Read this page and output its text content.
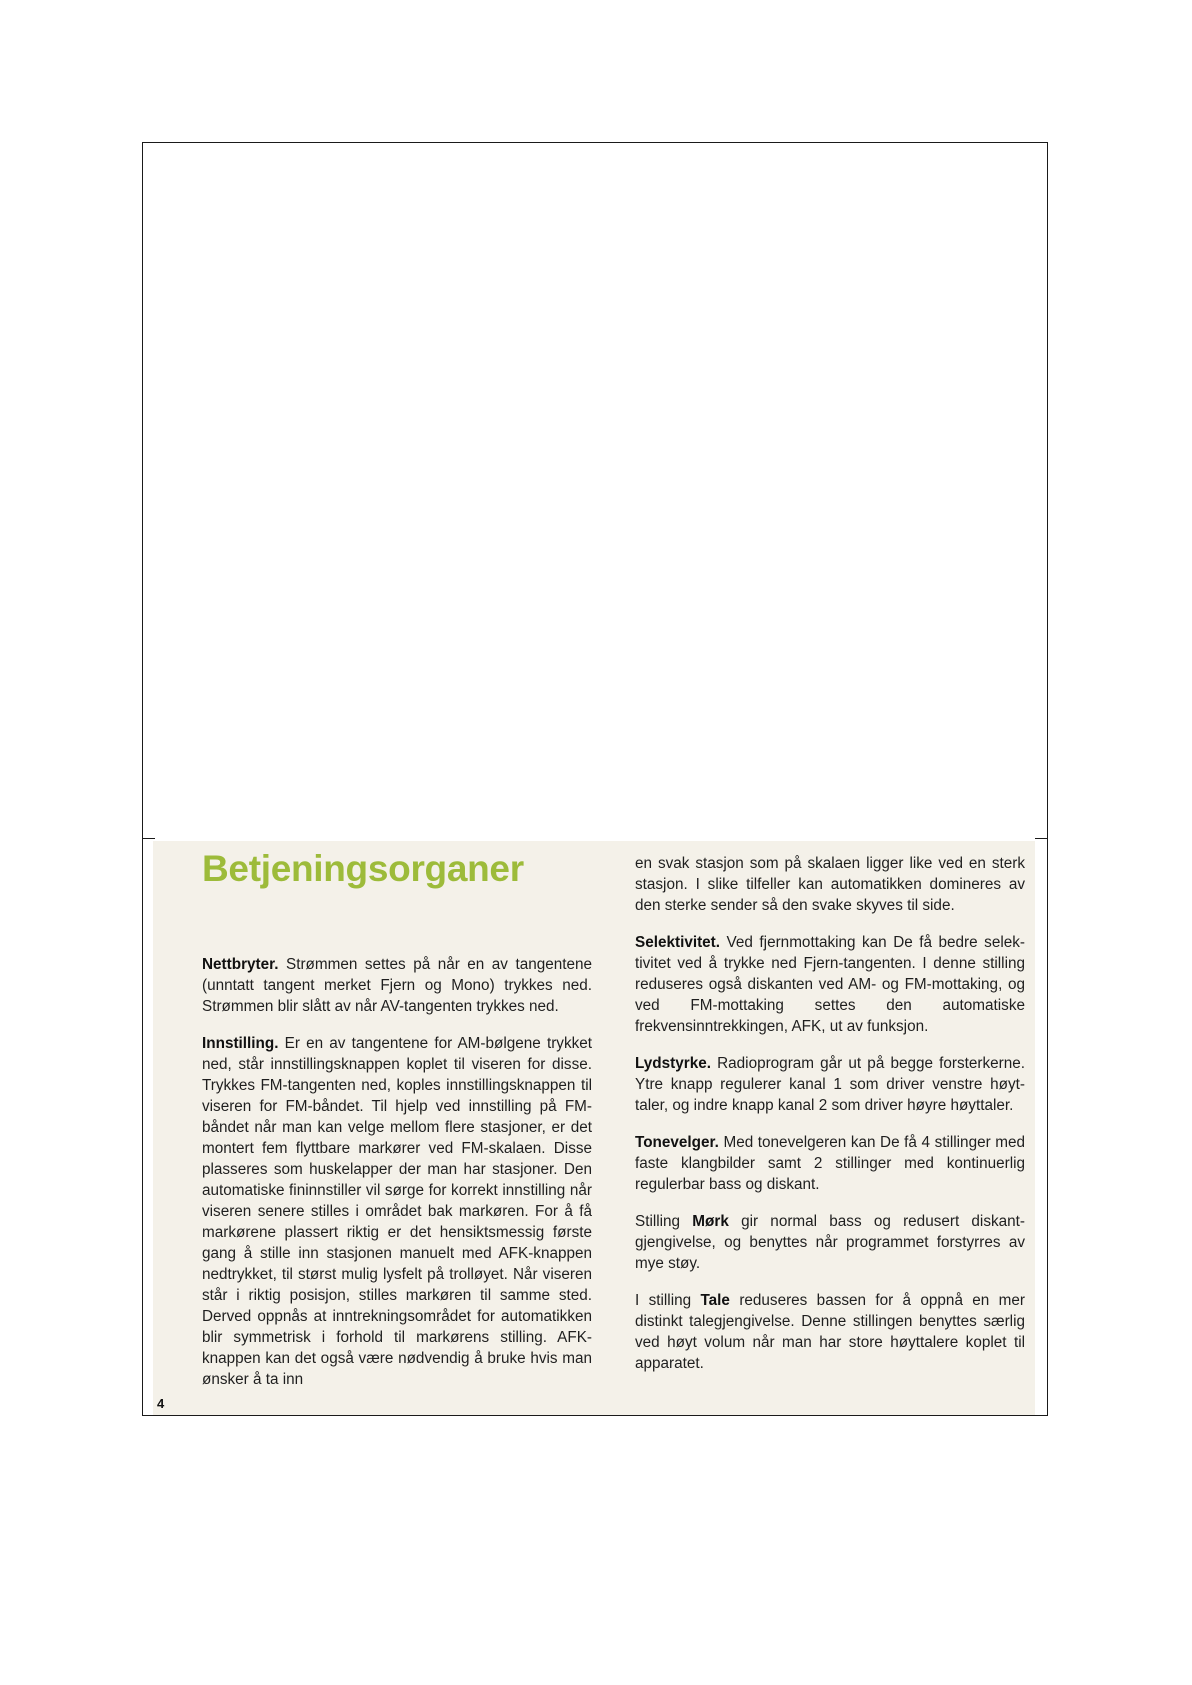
Betjeningsorganer

Nettbryter. Strømmen settes på når en av tangentene (unntatt tangent merket Fjern og Mono) trykkes ned. Strømmen blir slått av når AV-tangenten trykkes ned.

Innstilling. Er en av tangentene for AM-bølgene trykket ned, står innstillingsknappen koplet til viseren for disse. Trykkes FM-tangenten ned, koples innstillingsknappen til viseren for FM-båndet. Til hjelp ved innstilling på FM-båndet når man kan velge mellom flere stasjoner, er det montert fem flyttbare markører ved FM-skalaen. Disse plasseres som huskelapper der man har stasjoner. Den automatiske fininnstiller vil sørge for korrekt innstilling når viseren senere stilles i området bak markøren. For å få markørene plassert riktig er det hensiktsmessig første gang å stille inn stasjonen manuelt med AFK-knappen nedtrykket, til størst mulig lysfelt på trolløyet. Når viseren står i riktig posisjon, stilles markøren til samme sted. Derved oppnås at inntrekningsområdet for automatikken blir symmetrisk i forhold til markørens stilling. AFK-knappen kan det også være nødvendig å bruke hvis man ønsker å ta inn

en svak stasjon som på skalaen ligger like ved en sterk stasjon. I slike tilfeller kan automatikken domineres av den sterke sender så den svake skyves til side.

Selektivitet. Ved fjernmottaking kan De få bedre selektivitet ved å trykke ned Fjern-tangenten. I denne stilling reduseres også diskanten ved AM- og FM-mottaking, og ved FM-mottaking settes den automatiske frekvensinntrekkingen, AFK, ut av funksjon.

Lydstyrke. Radioprogram går ut på begge forsterkerne. Ytre knapp regulerer kanal 1 som driver venstre høyttaler, og indre knapp kanal 2 som driver høyre høyttaler.

Tonevelger. Med tonevelgeren kan De få 4 stillinger med faste klangbilder samt 2 stillinger med kontinuerlig regulerbar bass og diskant.

Stilling Mørk gir normal bass og redusert diskantgjengivelse, og benyttes når programmet forstyrres av mye støy.

I stilling Tale reduseres bassen for å oppnå en mer distinkt talegjengivelse. Denne stillingen benyttes særlig ved høyt volum når man har store høyttalere koplet til apparatet.

4
